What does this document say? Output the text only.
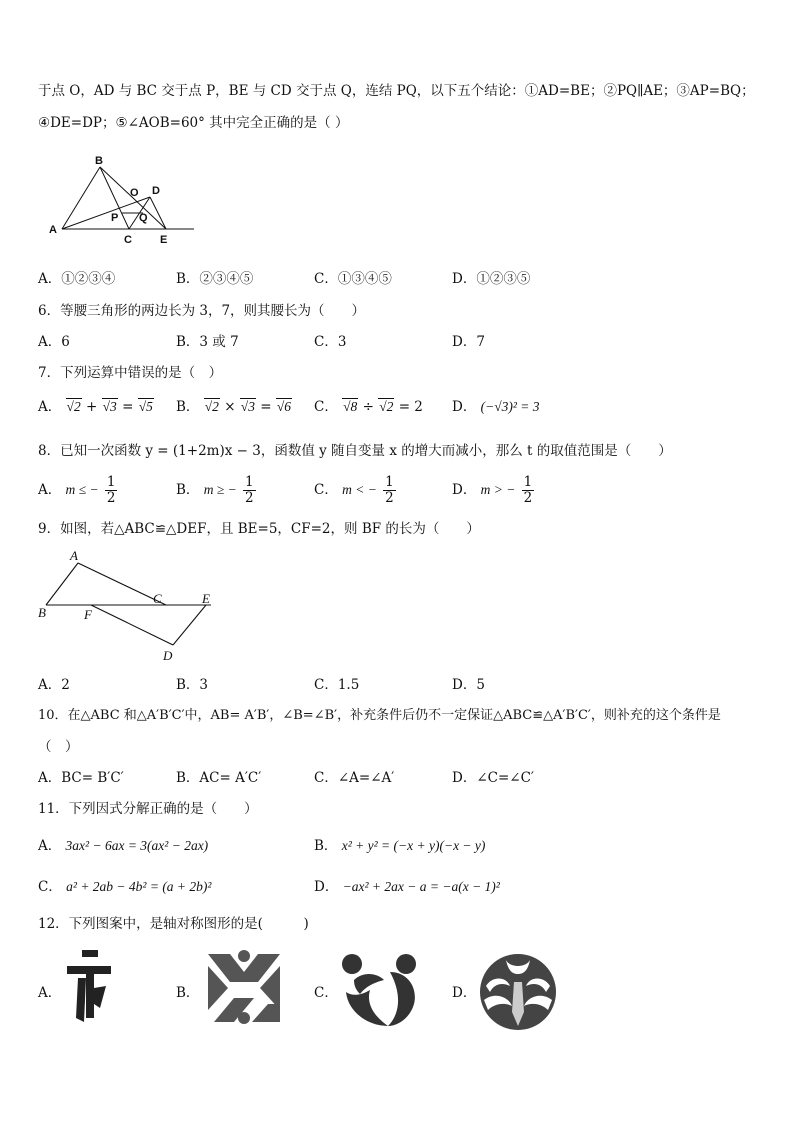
于点 O，AD 与 BC 交于点 P，BE 与 CD 交于点 Q，连结 PQ，以下五个结论：①AD=BE；②PQ∥AE；③AP=BQ；
④DE=DP；⑤∠AOB=60° 其中完全正确的是（ ）
B
O D
P Q
A
C	E
A．①②③④	B．②③④⑤	C．①③④⑤	D．①②③⑤
6．等腰三角形的两边长为 3，7，则其腰长为（　　）
A．6	B．3 或 7	C．3	D．7
7．下列运算中错误的是（　）
A． √2 + √3 = √5 B． √2 × √3 = √6 C． √8 ÷ √2 = 2 D． (−√3)² = 3
8．已知一次函数 y = (1+2m)x − 3，函数值 y 随自变量 x 的增大而减小，那么 t 的取值范围是（　　）
A． m ≤ − $\frac{1}{2}$	B． m ≥ − $\frac{1}{2}$	C． m < − $\frac{1}{2}$	D． m > − $\frac{1}{2}$
9．如图，若△ABC≌△DEF，且 BE=5，CF=2，则 BF 的长为（　　）
A
B	F
C	E
D
A．2	B．3	C．1.5	D．5
10．在△ABC 和△A′B′C′中，AB= A′B′，∠B=∠B′，补充条件后仍不一定保证△ABC≌△A′B′C′，则补充的这个条件是
（　）
A．BC= B′C′	B．AC= A′C′	C．∠A=∠A′	D．∠C=∠C′
11．下列因式分解正确的是（　　）
A． 3ax² − 6ax = 3(ax² − 2ax)	B． x² + y² = (−x + y)(−x − y)
C． a² + 2ab − 4b² = (a + 2b)²	D． −ax² + 2ax − a = −a(x − 1)²
12．下列图案中，是轴对称图形的是(　　　)
A．	B．	C．	D．
